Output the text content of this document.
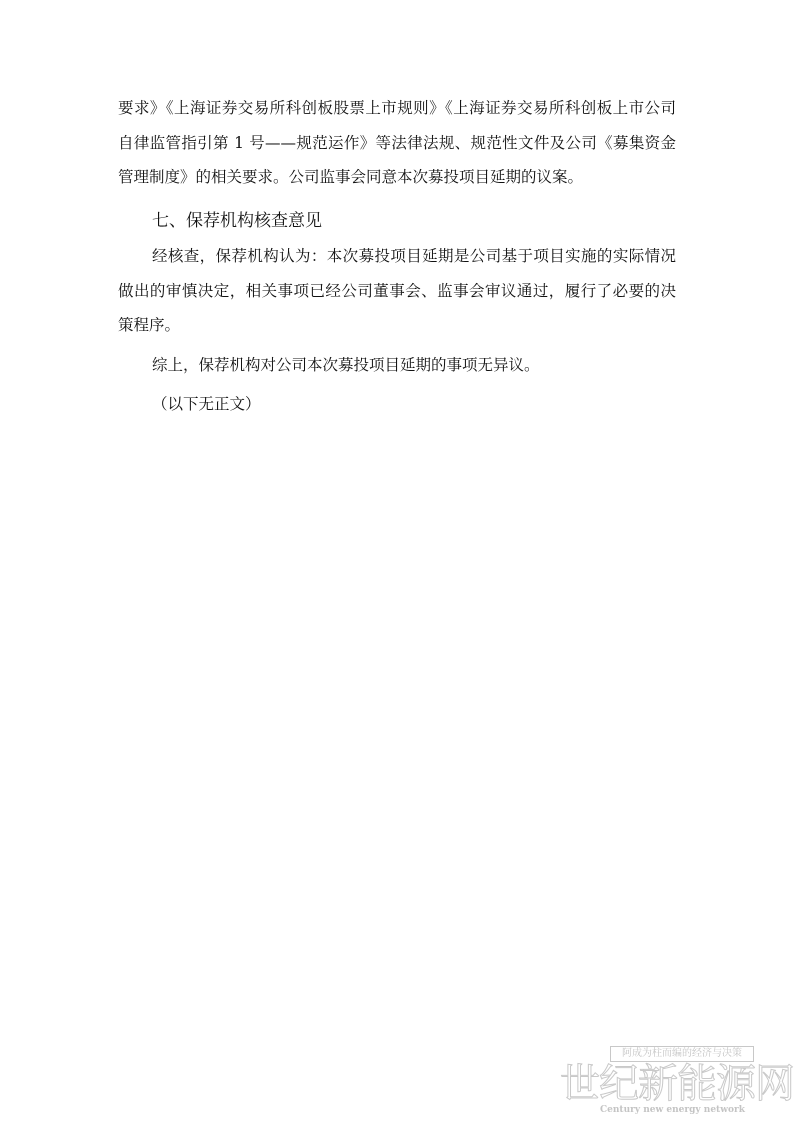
要求》《上海证券交易所科创板股票上市规则》《上海证券交易所科创板上市公司
自律监管指引第 1 号——规范运作》等法律法规、规范性文件及公司《募集资金
管理制度》的相关要求。公司监事会同意本次募投项目延期的议案。
七、保荐机构核查意见
经核查，保荐机构认为：本次募投项目延期是公司基于项目实施的实际情况
做出的审慎决定，相关事项已经公司董事会、监事会审议通过，履行了必要的决
策程序。
综上，保荐机构对公司本次募投项目延期的事项无异议。
（以下无正文）
阿成为柱而编的经济与决策
世纪新能源网
Century new energy network
